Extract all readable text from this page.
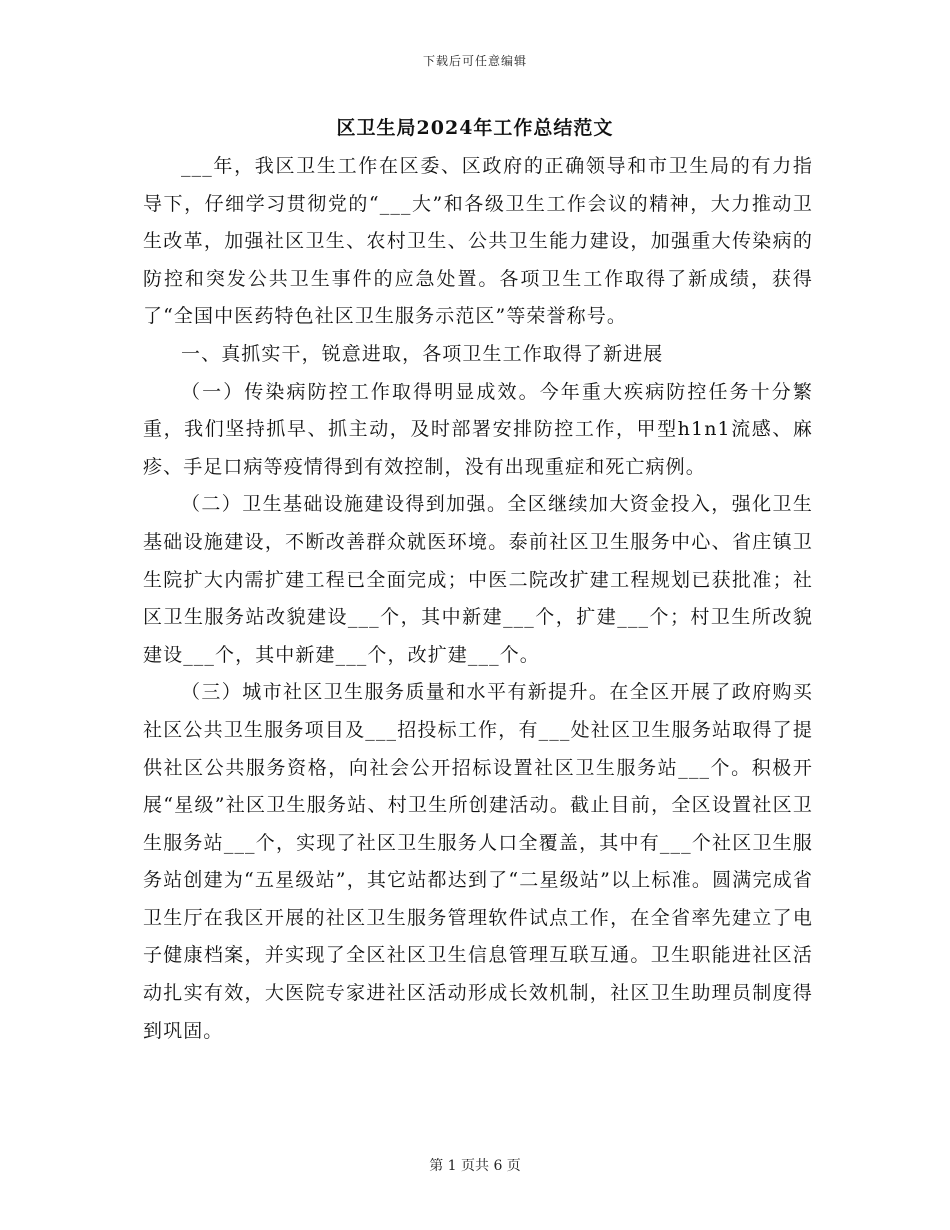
下载后可任意编辑
区卫生局2024年工作总结范文

___年，我区卫生工作在区委、区政府的正确领导和市卫生局的有力指导下，仔细学习贯彻党的“___大”和各级卫生工作会议的精神，大力推动卫生改革，加强社区卫生、农村卫生、公共卫生能力建设，加强重大传染病的防控和突发公共卫生事件的应急处置。各项卫生工作取得了新成绩，获得了“全国中医药特色社区卫生服务示范区”等荣誉称号。

一、真抓实干，锐意进取，各项卫生工作取得了新进展

（一）传染病防控工作取得明显成效。今年重大疾病防控任务十分繁重，我们坚持抓早、抓主动，及时部署安排防控工作，甲型h1n1流感、麻疹、手足口病等疫情得到有效控制，没有出现重症和死亡病例。

（二）卫生基础设施建设得到加强。全区继续加大资金投入，强化卫生基础设施建设，不断改善群众就医环境。泰前社区卫生服务中心、省庄镇卫生院扩大内需扩建工程已全面完成；中医二院改扩建工程规划已获批准；社区卫生服务站改貌建设___个，其中新建___个，扩建___个；村卫生所改貌建设___个，其中新建___个，改扩建___个。

（三）城市社区卫生服务质量和水平有新提升。在全区开展了政府购买社区公共卫生服务项目及___招投标工作，有___处社区卫生服务站取得了提供社区公共服务资格，向社会公开招标设置社区卫生服务站___个。积极开展“星级”社区卫生服务站、村卫生所创建活动。截止目前，全区设置社区卫生服务站___个，实现了社区卫生服务人口全覆盖，其中有___个社区卫生服务站创建为“五星级站”，其它站都达到了“二星级站”以上标准。圆满完成省卫生厅在我区开展的社区卫生服务管理软件试点工作，在全省率先建立了电子健康档案，并实现了全区社区卫生信息管理互联互通。卫生职能进社区活动扎实有效，大医院专家进社区活动形成长效机制，社区卫生助理员制度得到巩固。

第 1 页共 6 页
